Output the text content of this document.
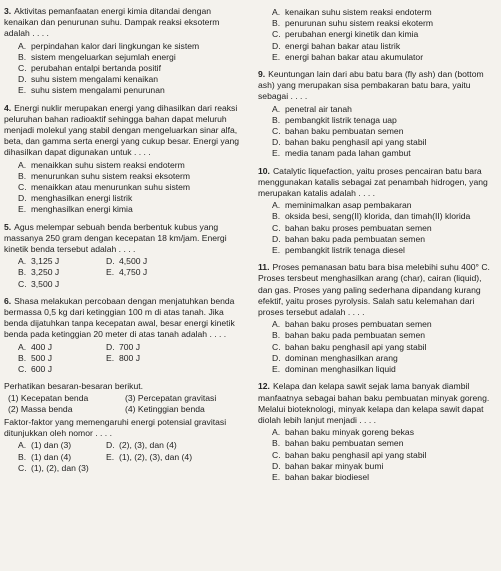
3. Aktivitas pemanfaatan energi kimia ditandai dengan kenaikan dan penurunan suhu. Dampak reaksi eksoterm adalah . . . .
A. perpindahan kalor dari lingkungan ke sistem
B. sistem mengeluarkan sejumlah energi
C. perubahan entalpi bertanda positif
D. suhu sistem mengalami kenaikan
E. suhu sistem mengalami penurunan
4. Energi nuklir merupakan energi yang dihasilkan dari reaksi peluruhan bahan radioaktif sehingga bahan dapat meluruh menjadi molekul yang stabil dengan mengeluarkan sinar alfa, beta, dan gamma serta energi yang cukup besar. Energi yang dihasilkan dapat digunakan untuk . . . .
A. menaikkan suhu sistem reaksi endoterm
B. menurunkan suhu sistem reaksi eksoterm
C. menaikkan atau menurunkan suhu sistem
D. menghasilkan energi listrik
E. menghasilkan energi kimia
5. Agus melempar sebuah benda berbentuk kubus yang massanya 250 gram dengan kecepatan 18 km/jam. Energi kinetik benda tersebut adalah . . . .
A. 3,125 J	D. 4,500 J
B. 3,250 J	E. 4,750 J
C. 3,500 J
6. Shasa melakukan percobaan dengan menjatuhkan benda bermassa 0,5 kg dari ketinggian 100 m di atas tanah. Jika benda dijatuhkan tanpa kecepatan awal, besar energi kinetik benda pada ketinggian 20 meter di atas tanah adalah . . . .
A. 400 J	D. 700 J
B. 500 J	E. 800 J
C. 600 J
Perhatikan besaran-besaran berikut.
(1) Kecepatan benda	(3) Percepatan gravitasi
(2) Massa benda	(4) Ketinggian benda
Faktor-faktor yang memengaruhi energi potensial gravitasi ditunjukkan oleh nomor . . . .
A. (1) dan (3)	D. (2), (3), dan (4)
B. (1) dan (4)	E. (1), (2), (3), dan (4)
C. (1), (2), dan (3)
A. kenaikan suhu sistem reaksi endoterm
B. penurunan suhu sistem reaksi ekoterm
C. perubahan energi kinetik dan kimia
D. energi bahan bakar atau listrik
E. energi bahan bakar atau akumulator
9. Keuntungan lain dari abu batu bara (fly ash) dan (bottom ash) yang merupakan sisa pembakaran batu bara, yaitu sebagai . . . .
A. penetral air tanah
B. pembangkit listrik tenaga uap
C. bahan baku pembuatan semen
D. bahan baku penghasil api yang stabil
E. media tanam pada lahan gambut
10. Catalytic liquefaction, yaitu proses pencairan batu bara menggunakan katalis sebagai zat penambah hidrogen, yang merupakan katalis adalah . . . .
A. meminimalkan asap pembakaran
B. oksida besi, seng(II) klorida, dan timah(II) klorida
C. bahan baku proses pembuatan semen
D. bahan baku pada pembuatan semen
E. pembangkit listrik tenaga diesel
11. Proses pemanasan batu bara bisa melebihi suhu 400° C. Proses tersbeut menghasilkan arang (char), cairan (liquid), dan gas. Proses yang paling sederhana dipandang kurang efektif, yaitu proses pyrolysis. Salah satu kelemahan dari proses tersebut adalah . . . .
A. bahan baku proses pembuatan semen
B. bahan baku pada pembuatan semen
C. bahan baku penghasil api yang stabil
D. dominan menghasilkan arang
E. dominan menghasilkan liquid
12. Kelapa dan kelapa sawit sejak lama banyak diambil manfaatnya sebagai bahan baku pembuatan minyak goreng. Melalui bioteknologi, minyak kelapa dan kelapa sawit dapat diolah lebih lanjut menjadi . . . .
A. bahan baku minyak goreng bekas
B. bahan baku pembuatan semen
C. bahan baku penghasil api yang stabil
D. bahan bakar minyak bumi
E. bahan bakar biodiesel
